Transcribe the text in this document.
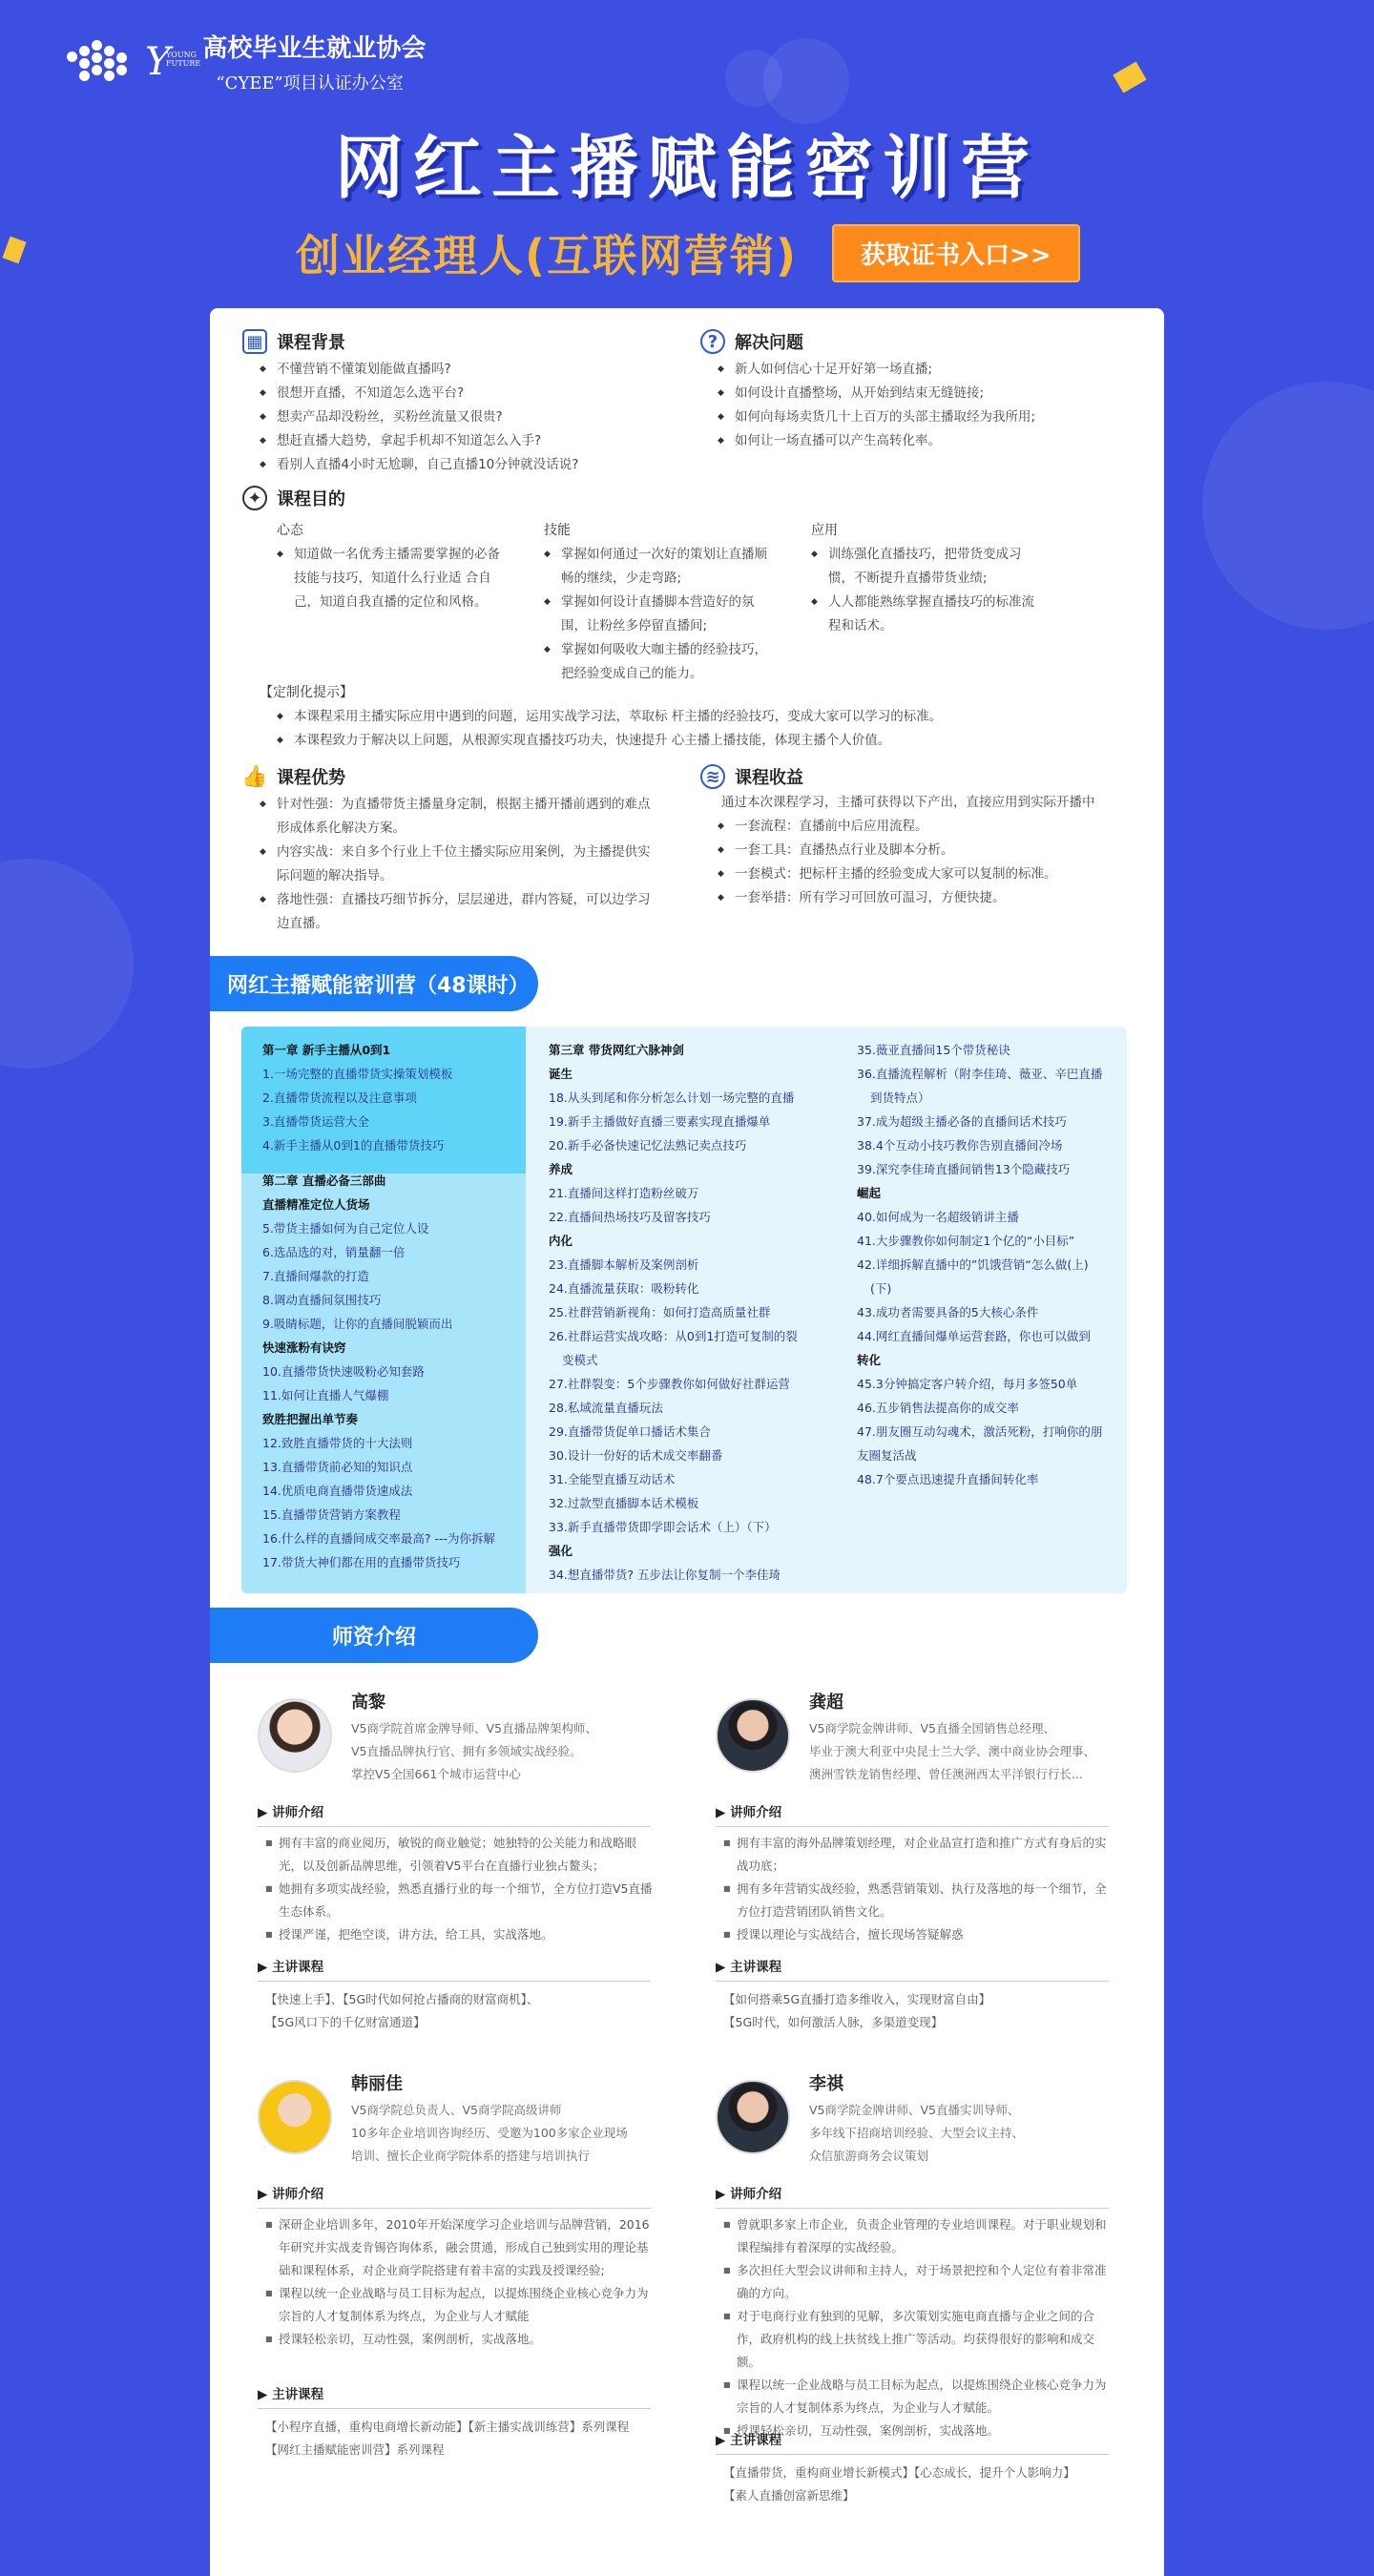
Y
YOUNG FUTURE 高校毕业生就业协会
“CYEE”项目认证办公室
网红主播赋能密训营
创业经理人(互联网营销)	获取证书入口>>
▦ 课程背景
◆ 不懂营销不懂策划能做直播吗?
◆ 很想开直播，不知道怎么选平台?
◆ 想卖产品却没粉丝，买粉丝流量又很贵?
◆ 想赶直播大趋势，拿起手机却不知道怎么入手?
◆ 看别人直播4小时无尬聊，自己直播10分钟就没话说?
? 解决问题
◆ 新人如何信心十足开好第一场直播;
◆ 如何设计直播整场，从开始到结束无缝链接;
◆ 如何向每场卖货几十上百万的头部主播取经为我所用;
◆ 如何让一场直播可以产生高转化率。
✦ 课程目的
心态
◆ 知道做一名优秀主播需要掌握的必备技能与技巧，知道什么行业适 合自己，知道自我直播的定位和风格。
技能
◆ 掌握如何通过一次好的策划让直播顺畅的继续，少走弯路;
◆ 掌握如何设计直播脚本营造好的氛围，让粉丝多停留直播间;
◆ 掌握如何吸收大咖主播的经验技巧，把经验变成自己的能力。
应用
◆ 训练强化直播技巧，把带货变成习惯，不断提升直播带货业绩;
◆ 人人都能熟练掌握直播技巧的标准流程和话术。
【定制化提示】
◆ 本课程采用主播实际应用中遇到的问题，运用实战学习法，萃取标 杆主播的经验技巧，变成大家可以学习的标准。
◆ 本课程致力于解决以上问题，从根源实现直播技巧功夫，快速提升 心主播上播技能，体现主播个人价值。
👍 课程优势
◆ 针对性强：为直播带货主播量身定制，根据主播开播前遇到的难点形成体系化解决方案。
◆ 内容实战：来自多个行业上千位主播实际应用案例，为主播提供实际问题的解决指导。
◆ 落地性强：直播技巧细节拆分，层层递进，群内答疑，可以边学习边直播。
≋ 课程收益
通过本次课程学习，主播可获得以下产出，直接应用到实际开播中
◆ 一套流程：直播前中后应用流程。
◆ 一套工具：直播热点行业及脚本分析。
◆ 一套模式：把标杆主播的经验变成大家可以复制的标准。
◆ 一套举措：所有学习可回放可温习，方便快捷。
网红主播赋能密训营（48课时）
第一章 新手主播从0到1
1.一场完整的直播带货实操策划模板
2.直播带货流程以及注意事项
3.直播带货运营大全
4.新手主播从0到1的直播带货技巧
第二章 直播必备三部曲
直播精准定位人货场
5.带货主播如何为自己定位人设
6.选品选的对，销量翻一倍
7.直播间爆款的打造
8.调动直播间氛围技巧
9.吸睛标题，让你的直播间脱颖而出
快速涨粉有诀窍
10.直播带货快速吸粉必知套路
11.如何让直播人气爆棚
致胜把握出单节奏
12.致胜直播带货的十大法则
13.直播带货前必知的知识点
14.优质电商直播带货速成法
15.直播带货营销方案教程
16.什么样的直播间成交率最高? ---为你拆解
17.带货大神们都在用的直播带货技巧
第三章 带货网红六脉神剑
诞生
18.从头到尾和你分析怎么计划一场完整的直播
19.新手主播做好直播三要素实现直播爆单
20.新手必备快速记忆法熟记卖点技巧
养成
21.直播间这样打造粉丝破万
22.直播间热场技巧及留客技巧
内化
23.直播脚本解析及案例剖析
24.直播流量获取：吸粉转化
25.社群营销新视角：如何打造高质量社群
26.社群运营实战攻略：从0到1打造可复制的裂
变模式
27.社群裂变：5个步骤教你如何做好社群运营
28.私域流量直播玩法
29.直播带货促单口播话术集合
30.设计一份好的话术成交率翻番
31.全能型直播互动话术
32.过款型直播脚本话术模板
33.新手直播带货即学即会话术（上）（下）
强化
34.想直播带货? 五步法让你复制一个李佳琦
35.薇亚直播间15个带货秘诀
36.直播流程解析（附李佳琦、薇亚、辛巴直播
到货特点）
37.成为超级主播必备的直播间话术技巧
38.4个互动小技巧教你告别直播间冷场
39.深究李佳琦直播间销售13个隐藏技巧
崛起
40.如何成为一名超级销讲主播
41.大步骤教你如何制定1个亿的“小目标”
42.详细拆解直播中的”饥饿营销“怎么做(上)
(下)
43.成功者需要具备的5大核心条件
44.网红直播间爆单运营套路，你也可以做到
转化
45.3分钟搞定客户转介绍，每月多签50单
46.五步销售法提高你的成交率
47.朋友圈互动勾魂术，激活死粉，打响你的朋
友圈复活战
48.7个要点迅速提升直播间转化率
师资介绍
高黎
V5商学院首席金牌导师、V5直播品牌架构师、
V5直播品牌执行官、拥有多领域实战经验。
掌控V5全国661个城市运营中心
▶ 讲师介绍
■ 拥有丰富的商业阅历，敏锐的商业触觉；她独特的公关能力和战略眼光，以及创新品牌思维，引领着V5平台在直播行业独占鳌头；
■ 她拥有多项实战经验，熟悉直播行业的每一个细节，全方位打造V5直播生态体系。
■ 授课严谨，把绝空谈，讲方法，给工具，实战落地。
▶ 主讲课程
【快速上手】、【5G时代如何抢占播商的财富商机】、
【5G风口下的千亿财富通道】
龚超
V5商学院金牌讲师、V5直播全国销售总经理、
毕业于澳大利亚中央昆士兰大学、澳中商业协会理事、
澳洲雪铁龙销售经理、曾任澳洲西太平洋银行行长...
▶ 讲师介绍
■ 拥有丰富的海外品牌策划经理，对企业品宣打造和推广方式有身后的实战功底；
■ 拥有多年营销实战经验，熟悉营销策划、执行及落地的每一个细节，全方位打造营销团队销售文化。
■ 授课以理论与实战结合，擅长现场答疑解惑
▶ 主讲课程
【如何搭乘5G直播打造多维收入，实现财富自由】
【5G时代，如何激活人脉，多渠道变现】
韩丽佳
V5商学院总负责人、V5商学院高级讲师
10多年企业培训咨询经历、受邀为100多家企业现场
培训、擅长企业商学院体系的搭建与培训执行
▶ 讲师介绍
■ 深研企业培训多年，2010年开始深度学习企业培训与品牌营销，2016年研究并实战麦肯锡咨询体系，融会贯通，形成自己独到实用的理论基 础和课程体系，对企业商学院搭建有着丰富的实践及授课经验;
■ 课程以统一企业战略与员工目标为起点，以提炼围绕企业核心竞争力为 宗旨的人才复制体系为终点，为企业与人才赋能
■ 授课轻松亲切，互动性强，案例剖析，实战落地。
▶ 主讲课程
【小程序直播，重构电商增长新动能】【新主播实战训练营】系列课程
【网红主播赋能密训营】系列课程
李祺
V5商学院金牌讲师、V5直播实训导师、
多年线下招商培训经验、大型会议主持、
众信旅游商务会议策划
▶ 讲师介绍
■ 曾就职多家上市企业，负责企业管理的专业培训课程。对于职业规划和课程编排有着深厚的实战经验。
■ 多次担任大型会议讲师和主持人，对于场景把控和个人定位有着非常准确的方向。
■ 对于电商行业有独到的见解，多次策划实施电商直播与企业之间的合作，政府机构的线上扶贫线上推广等活动。均获得很好的影响和成交额。
■ 课程以统一企业战略与员工目标为起点，以提炼围绕企业核心竞争力为宗旨的人才复制体系为终点，为企业与人才赋能。
■ 授课轻松亲切，互动性强，案例剖析，实战落地。
▶ 主讲课程
【直播带货，重构商业增长新模式】【心态成长，提升个人影响力】
【素人直播创富新思维】
